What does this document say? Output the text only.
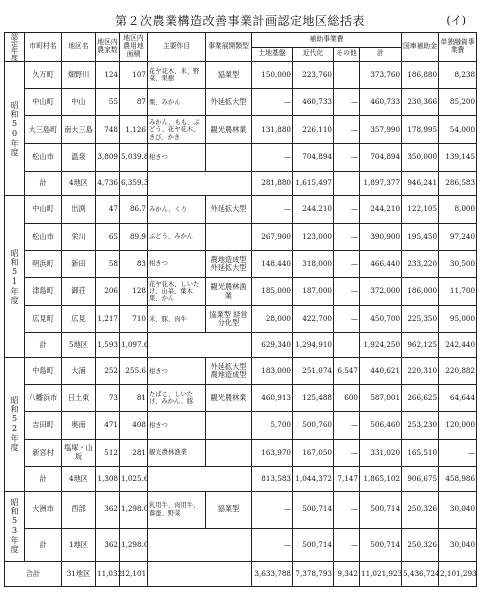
第２次農業構造改善事業計画認定地区総括表	(イ)
認定年度	市町村名	地区名	地区内農家数	地区内農用地面積	主要作目	事業展開類型	補助事業費				国庫補助金	単独融資事業費
							土地基盤	近代化	その他	計		
昭和50年度	久万町	畑野川	124	107	花ヤ花木、米、野菜、果樹	協業型	150,000	223,760		373,760	186,880	8,238
	中山町	中山	55	87	栗、みかん	外延拡大型	—	460,733	—	460,733	230,366	85,200
	大三島町	南大三島	748	1,126	みかん、もも、ぶどう、花ヤ花木、きび、かき	観光農林業	131,880	226,110	—	357,990	178,995	54,000
	松山市	温泉	3,809	5,039.8	柑きつ		—	704,894	—	704,894	350,000	139,145
	計	4地区	4,736	6,359.3			281,880	1,615,497		1,897,377	946,241	286,583
昭和51年度	中山町	出渕	47	86.7	みかん、くり	外延拡大型	—	244,210	—	244,210	122,105	8,000
	松山市	栄川	65	89.9	ぶどう、みかん		267,900	123,000	—	390,900	195,450	97,240
	明浜町	新田	58	83	柑きつ	農地造成型 外延拡大型	148,440	318,000	—	466,440	233,220	30,500
	津島町	御荘	206	128	花ヤ花木、しいたけ、山菜、葉木果、かん	観光農林漁業	185,000	187,000	—	372,000	186,000	11,700
	広見町	広見	1,217	710	米、豚、肉牛	協業型 経営分化型	28,000	422,700	—	450,700	225,350	95,000
	計	5地区	1,593	1,097.6			629,340	1,294,910		1,924,250	962,125	242,440
昭和52年度	中島町	大浦	252	255.6	柑きつ	外延拡大型 農地造成型	183,000	251,074	6,547	440,621	220,310	220,882
	八幡浜市	日土東	73	81	たばこ、しいたけ、みかん、豚	観光農林業	460,913	125,488	600	587,001	266,625	64,644
	吉田町	奥南	471	408	柑きつ		5,700	500,760	—	506,460	253,230	120,000
	新宮村	塩塚・山坂	512	281	観光農林漁業		163,970	167,050	—	331,020	165,510	—
	計	4地区	1,308	1,025.6			813,583	1,044,372	7,147	1,865,102	906,675	458,986
昭和53年度	大洲市	西部	362	1,298.0	乳用牛、肉用牛、養蚕、野菜	協業型	—	500,714	—	500,714	250,326	30,040
	計	1地区	362	1,298.0			—	500,714	—	500,714	250,326	30,040
合計		31地区	11,032	12,101			3,633,788	7,378,793	9,342	11,021,923	5,436,724	2,101,293
